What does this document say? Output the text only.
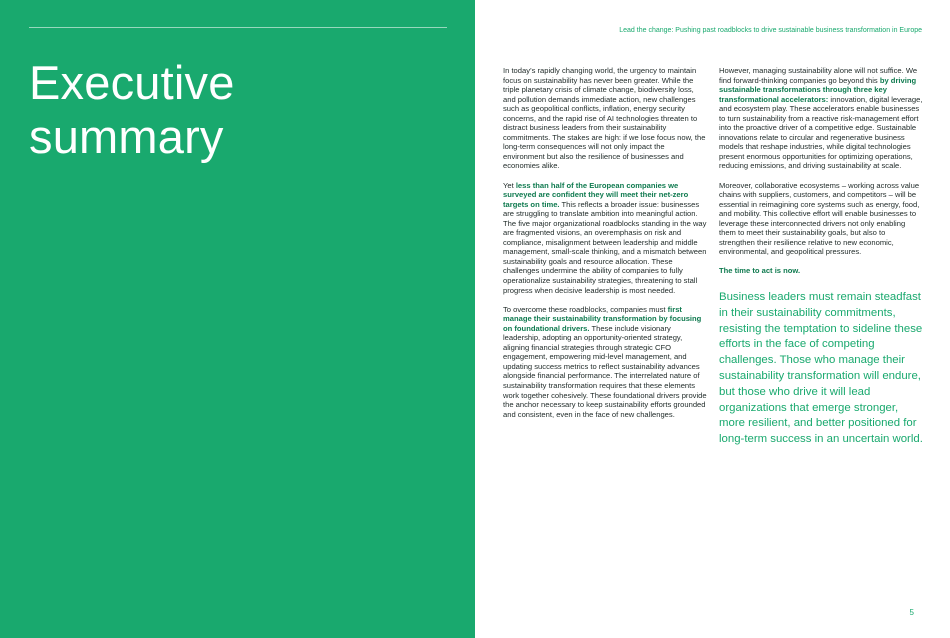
Executive
summary

Lead the change: Pushing past roadblocks to drive sustainable business transformation in Europe

In today’s rapidly changing world, the urgency to maintain focus on sustainability has never been greater. While the triple planetary crisis of climate change, biodiversity loss, and pollution demands immediate action, new challenges such as geopolitical conflicts, inflation, energy security concerns, and the rapid rise of AI technologies threaten to distract business leaders from their sustainability commitments. The stakes are high: if we lose focus now, the long-term consequences will not only impact the environment but also the resilience of businesses and economies alike.

Yet less than half of the European companies we surveyed are confident they will meet their net-zero targets on time. This reflects a broader issue: businesses are struggling to translate ambition into meaningful action. The five major organizational roadblocks standing in the way are fragmented visions, an overemphasis on risk and compliance, misalignment between leadership and middle management, small-scale thinking, and a mismatch between sustainability goals and resource allocation. These challenges undermine the ability of companies to fully operationalize sustainability strategies, threatening to stall progress when decisive leadership is most needed.

To overcome these roadblocks, companies must first manage their sustainability transformation by focusing on foundational drivers. These include visionary leadership, adopting an opportunity-oriented strategy, aligning financial strategies through strategic CFO engagement, empowering mid-level management, and updating success metrics to reflect sustainability advances alongside financial performance. The interrelated nature of sustainability transformation requires that these elements work together cohesively. These foundational drivers provide the anchor necessary to keep sustainability efforts grounded and consistent, even in the face of new challenges.

However, managing sustainability alone will not suffice. We find forward-thinking companies go beyond this by driving sustainable transformations through three key transformational accelerators: innovation, digital leverage, and ecosystem play. These accelerators enable businesses to turn sustainability from a reactive risk-management effort into the proactive driver of a competitive edge. Sustainable innovations relate to circular and regenerative business models that reshape industries, while digital technologies present enormous opportunities for optimizing operations, reducing emissions, and driving sustainability at scale.

Moreover, collaborative ecosystems – working across value chains with suppliers, customers, and competitors – will be essential in reimagining core systems such as energy, food, and mobility. This collective effort will enable businesses to leverage these interconnected drivers not only enabling them to meet their sustainability goals, but also to strengthen their resilience relative to new economic, environmental, and geopolitical pressures.

The time to act is now.

Business leaders must remain steadfast in their sustainability commitments, resisting the temptation to sideline these efforts in the face of competing challenges. Those who manage their sustainability transformation will endure, but those who drive it will lead organizations that emerge stronger, more resilient, and better positioned for long-term success in an uncertain world.

5
